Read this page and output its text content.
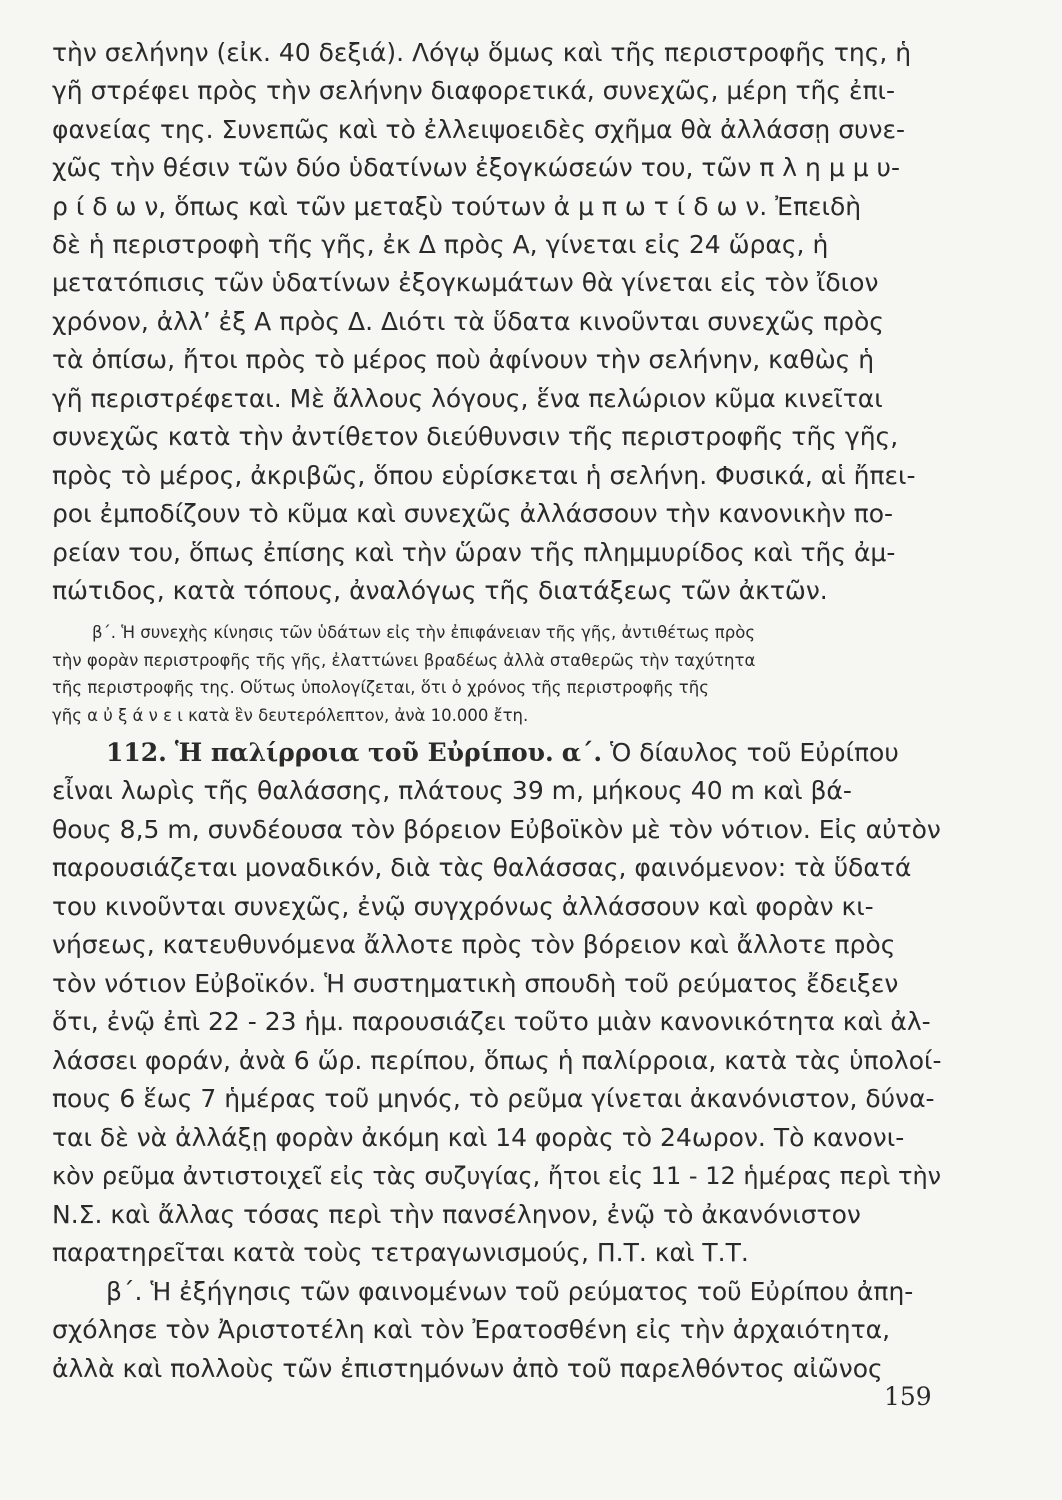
τὴν σελήνην (εἰκ. 40 δεξιά). Λόγῳ ὅμως καὶ τῆς περιστροφῆς της, ἡ
γῆ στρέφει πρὸς τὴν σελήνην διαφορετικά, συνεχῶς, μέρη τῆς ἐπι-
φανείας της. Συνεπῶς καὶ τὸ ἐλλειψοειδὲς σχῆμα θὰ ἀλλάσσῃ συνε-
χῶς τὴν θέσιν τῶν δύο ὑδατίνων ἐξογκώσεών του, τῶν π λ η μ μ υ-
ρ ί δ ω ν, ὅπως καὶ τῶν μεταξὺ τούτων ἀ μ π ω τ ί δ ω ν. Ἐπειδὴ
δὲ ἡ περιστροφὴ τῆς γῆς, ἐκ Δ πρὸς Α, γίνεται εἰς 24 ὥρας, ἡ
μετατόπισις τῶν ὑδατίνων ἐξογκωμάτων θὰ γίνεται εἰς τὸν ἴδιον
χρόνον, ἀλλ’ ἐξ Α πρὸς Δ. Διότι τὰ ὕδατα κινοῦνται συνεχῶς πρὸς
τὰ ὀπίσω, ἤτοι πρὸς τὸ μέρος ποὺ ἀφίνουν τὴν σελήνην, καθὼς ἡ
γῆ περιστρέφεται. Μὲ ἄλλους λόγους, ἕνα πελώριον κῦμα κινεῖται
συνεχῶς κατὰ τὴν ἀντίθετον διεύθυνσιν τῆς περιστροφῆς τῆς γῆς,
πρὸς τὸ μέρος, ἀκριβῶς, ὅπου εὑρίσκεται ἡ σελήνη. Φυσικά, αἱ ἤπει-
ροι ἐμποδίζουν τὸ κῦμα καὶ συνεχῶς ἀλλάσσουν τὴν κανονικὴν πο-
ρείαν του, ὅπως ἐπίσης καὶ τὴν ὥραν τῆς πλημμυρίδος καὶ τῆς ἀμ-
πώτιδος, κατὰ τόπους, ἀναλόγως τῆς διατάξεως τῶν ἀκτῶν.
β΄. Ἡ συνεχὴς κίνησις τῶν ὑδάτων εἰς τὴν ἐπιφάνειαν τῆς γῆς, ἀντιθέτως πρὸς
τὴν φορὰν περιστροφῆς τῆς γῆς, ἐλαττώνει βραδέως ἀλλὰ σταθερῶς τὴν ταχύτητα
τῆς περιστροφῆς της. Οὕτως ὑπολογίζεται, ὅτι ὁ χρόνος τῆς περιστροφῆς τῆς
γῆς α ὐ ξ ά ν ε ι κατὰ ἓν δευτερόλεπτον, ἀνὰ 10.000 ἔτη.
112. Ἡ παλίρροια τοῦ Εὐρίπου. α΄. Ὁ δίαυλος τοῦ Εὐρίπου
εἶναι λωρὶς τῆς θαλάσσης, πλάτους 39 m, μήκους 40 m καὶ βά-
θους 8,5 m, συνδέουσα τὸν βόρειον Εὐβοϊκὸν μὲ τὸν νότιον. Εἰς αὐτὸν
παρουσιάζεται μοναδικόν, διὰ τὰς θαλάσσας, φαινόμενον: τὰ ὕδατά
του κινοῦνται συνεχῶς, ἐνῷ συγχρόνως ἀλλάσσουν καὶ φορὰν κι-
νήσεως, κατευθυνόμενα ἄλλοτε πρὸς τὸν βόρειον καὶ ἄλλοτε πρὸς
τὸν νότιον Εὐβοϊκόν. Ἡ συστηματικὴ σπουδὴ τοῦ ρεύματος ἔδειξεν
ὅτι, ἐνῷ ἐπὶ 22 - 23 ἡμ. παρουσιάζει τοῦτο μιὰν κανονικότητα καὶ ἀλ-
λάσσει φοράν, ἀνὰ 6 ὥρ. περίπου, ὅπως ἡ παλίρροια, κατὰ τὰς ὑπολοί-
πους 6 ἕως 7 ἡμέρας τοῦ μηνός, τὸ ρεῦμα γίνεται ἀκανόνιστον, δύνα-
ται δὲ νὰ ἀλλάξῃ φορὰν ἀκόμη καὶ 14 φορὰς τὸ 24ωρον. Τὸ κανονι-
κὸν ρεῦμα ἀντιστοιχεῖ εἰς τὰς συζυγίας, ἤτοι εἰς 11 - 12 ἡμέρας περὶ τὴν
Ν.Σ. καὶ ἄλλας τόσας περὶ τὴν πανσέληνον, ἐνῷ τὸ ἀκανόνιστον
παρατηρεῖται κατὰ τοὺς τετραγωνισμούς, Π.Τ. καὶ Τ.Τ.
β΄. Ἡ ἐξήγησις τῶν φαινομένων τοῦ ρεύματος τοῦ Εὐρίπου ἀπη-
σχόλησε τὸν Ἀριστοτέλη καὶ τὸν Ἐρατοσθένη εἰς τὴν ἀρχαιότητα,
ἀλλὰ καὶ πολλοὺς τῶν ἐπιστημόνων ἀπὸ τοῦ παρελθόντος αἰῶνος
159
